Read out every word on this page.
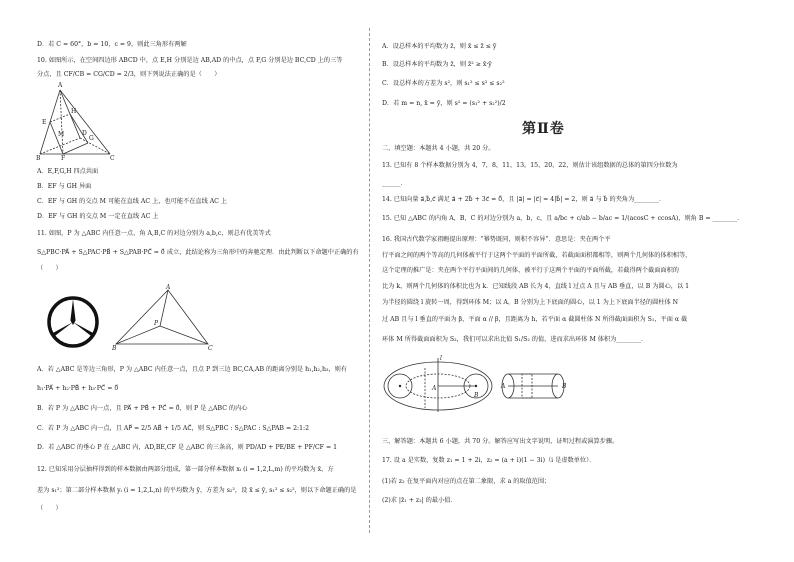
D．若 C = 60°，b = 10，c = 9，则此三角形有两解
10. 如图所示，在空间四边形 ABCD 中，点 E,H 分别是边 AB,AD 的中点，点 F,G 分别是边 BC,CD 上的三等
分点，且 CF/CB = CG/CD = 2/3，则下列说法正确的是（　　）
A
E
H
G
M
B	F
D
C
A．E,F,G,H 四点共面
B．EF 与 GH 异面
C．EF 与 GH 的交点 M 可能在直线 AC 上，也可能不在直线 AC 上
D．EF 与 GH 的交点 M 一定在直线 AC 上
11. 如图，P 为 △ABC 内任意一点，角 A,B,C 的对边分别为 a,b,c，则总有优美等式
S△PBC·PA⃗ + S△PAC·PB⃗ + S△PAB·PC⃗ = 0⃗ 成立，此结论称为三角形中的奔驰定理．由此判断以下命题中正确的有
（　　）
A
P
B	C
A．若 △ABC 是等边三角形，P 为 △ABC 内任意一点，且点 P 到三边 BC,CA,AB 的距离分别是 h₁,h₂,h₃，则有
h₁·PA⃗ + h₂·PB⃗ + h₃·PC⃗ = 0⃗
B．若 P 为 △ABC 内一点，且 PA⃗ + PB⃗ + PC⃗ = 0⃗，则 P 是 △ABC 的内心
C．若 P 为 △ABC 内一点，且 AP⃗ = 2/5 AB⃗ + 1/5 AC⃗，则 S△PBC : S△PAC : S△PAB = 2:1:2
D．若 △ABC 的垂心 P 在 △ABC 内，AD,BE,CF 是 △ABC 的三条高，则 PD/AD + PE/BE + PF/CF = 1
12. 已知采用分层抽样得到的样本数据由两部分组成，第一部分样本数据 xᵢ (i = 1,2,L,m) 的平均数为 x̄，方
差为 s₁²；第二部分样本数据 yᵢ (i = 1,2,L,n) 的平均数为 ȳ，方差为 s₂²，设 x̄ ≤ ȳ, s₁² ≤ s₂²，则以下命题正确的是
（　　）
A．设总样本的平均数为 z̄，则 x̄ ≤ z̄ ≤ ȳ
B．设总样本的平均数为 z̄，则 z̄² ≥ x̄·ȳ
C．设总样本的方差为 s²，则 s₁² ≤ s² ≤ s₂²
D．若 m = n, x̄ = ȳ，则 s² = (s₁² + s₂²)/2
第Ⅱ卷
二、填空题：本题共 4 小题，共 20 分。
13. 已知有 8 个样本数据分别为 4，7，8，11，13，15，20，22，则估计该组数据的总体的第四分位数为
______．
14. 已知向量 a⃗,b⃗,c⃗ 满足 a⃗ + 2b⃗ + 3c⃗ = 0⃗，且 |a⃗| = |c⃗| = 4|b⃗| = 2，则 a⃗ 与 b⃗ 的夹角为________．
15. 已知 △ABC 的内角 A，B，C 的对边分别为 a，b，c，且 a/bc + c/ab − b/ac = 1/(acosC + ccosA)，则角 B = ________．
16. 我国古代数学家祖暅提出原理：“幂势既同，则积不容异”．意思是：夹在两个平
行平面之间的两个等高的几何体被平行于这两个平面的平面所截，若截面面积都相等，则两个几何体的体积相等，
这个定理的推广是：夹在两个平行平面间的几何体，被平行于这两个平面的平面所截，若截得两个截面面积的
比为 k，则两个几何体的体积比也为 k．已知线段 AB 长为 4，直线 l 过点 A 且与 AB 垂直，以 B 为圆心，以 1
为半径的圆绕 l 旋转一周，得到环体 M；以 A，B 分别为上下底面的圆心，以 1 为上下底面半径的圆柱体 N
过 AB 且与 l 垂直的平面为 β，平面 α // β，且距离为 h，若平面 α 截圆柱体 N 所得截面面积为 S₁，平面 α 截
环体 M 所得截面面积为 S₂，我们可以求出比值 S₁/S₂ 的值，进而求出环体 M 体积为________．
l
A
B
A	B
三、解答题：本题共 6 小题，共 70 分。解答应写出文字说明、证明过程或演算步骤。
17. 设 a 是实数，复数 z₁ = 1 + 2i，z₂ = (a + i)(1 − 3i)（i 是虚数单位）．
(1)若 z₂ 在复平面内对应的点在第二象限，求 a 的取值范围；
(2)求 |z̄₁ + z₂| 的最小值．
